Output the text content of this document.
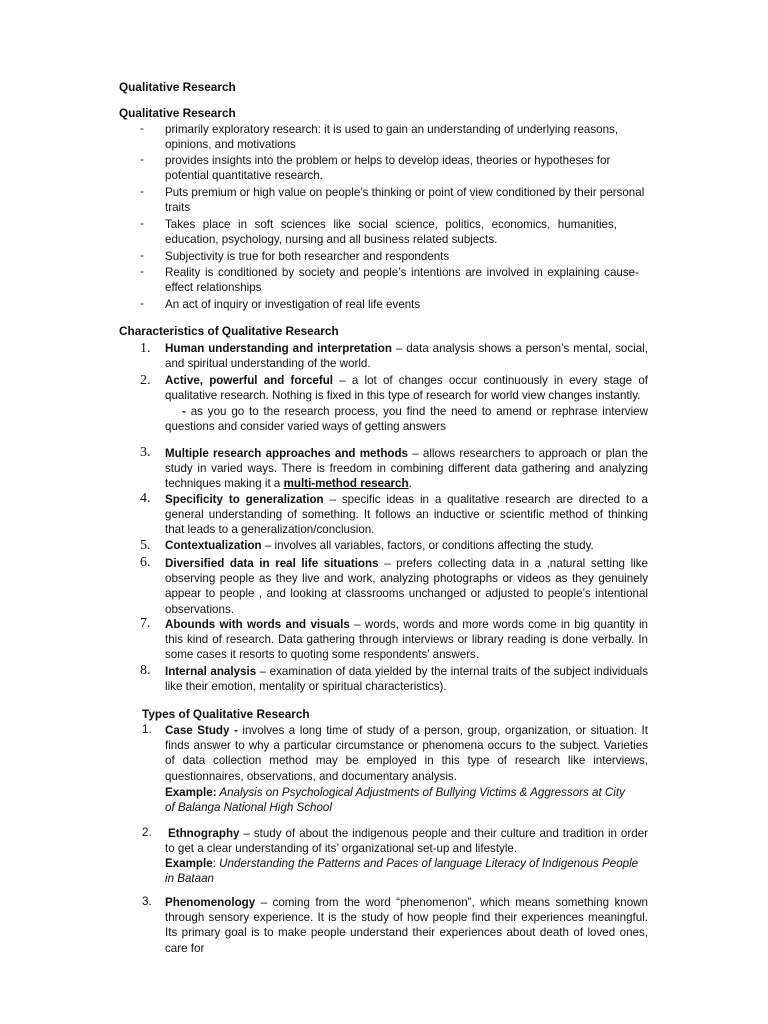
Qualitative Research
Qualitative Research
-	primarily exploratory research: it is used to gain an understanding of underlying reasons, opinions, and motivations
-	provides insights into the problem or helps to develop ideas, theories or hypotheses for potential quantitative research.
-	Puts premium or high value on people’s thinking or point of view conditioned by their personal traits
-	Takes place in soft sciences like social science, politics, economics, humanities, education, psychology, nursing and all business related subjects.
-	Subjectivity is true for both researcher and respondents
-	Reality is conditioned by society and people’s intentions are involved in explaining cause-effect relationships
-	An act of inquiry or investigation of real life events
Characteristics of Qualitative Research
1.	Human understanding and interpretation – data analysis shows a person’s mental, social, and spiritual understanding of the world.
2.	Active, powerful and forceful – a lot of changes occur continuously in every stage of qualitative research. Nothing is fixed in this type of research for world view changes instantly.
- as you go to the research process, you find the need to amend or rephrase interview questions and consider varied ways of getting answers
3.	Multiple research approaches and methods – allows researchers to approach or plan the study in varied ways. There is freedom in combining different data gathering and analyzing techniques making it a multi-method research.
4.	Specificity to generalization – specific ideas in a qualitative research are directed to a general understanding of something. It follows an inductive or scientific method of thinking that leads to a generalization/conclusion.
5.	Contextualization – involves all variables, factors, or conditions affecting the study.
6.	Diversified data in real life situations – prefers collecting data in a ,natural setting like observing people as they live and work, analyzing photographs or videos as they genuinely appear to people , and looking at classrooms unchanged or adjusted to people’s intentional observations.
7.	Abounds with words and visuals – words, words and more words come in big quantity in this kind of research. Data gathering through interviews or library reading is done verbally. In some cases it resorts to quoting some respondents’ answers.
8.	Internal analysis – examination of data yielded by the internal traits of the subject individuals like their emotion, mentality or spiritual characteristics).
Types of Qualitative Research
1.	Case Study - involves a long time of study of a person, group, organization, or situation. It finds answer to why a particular circumstance or phenomena occurs to the subject. Varieties of data collection method may be employed in this type of research like interviews, questionnaires, observations, and documentary analysis.
Example: Analysis on Psychological Adjustments of Bullying Victims & Aggressors at City of Balanga National High School
2.	Ethnography – study of about the indigenous people and their culture and tradition in order to get a clear understanding of its’ organizational set-up and lifestyle.
Example: Understanding the Patterns and Paces of language Literacy of Indigenous People in Bataan
3.	Phenomenology – coming from the word “phenomenon”, which means something known through sensory experience. It is the study of how people find their experiences meaningful. Its primary goal is to make people understand their experiences about death of loved ones, care for
